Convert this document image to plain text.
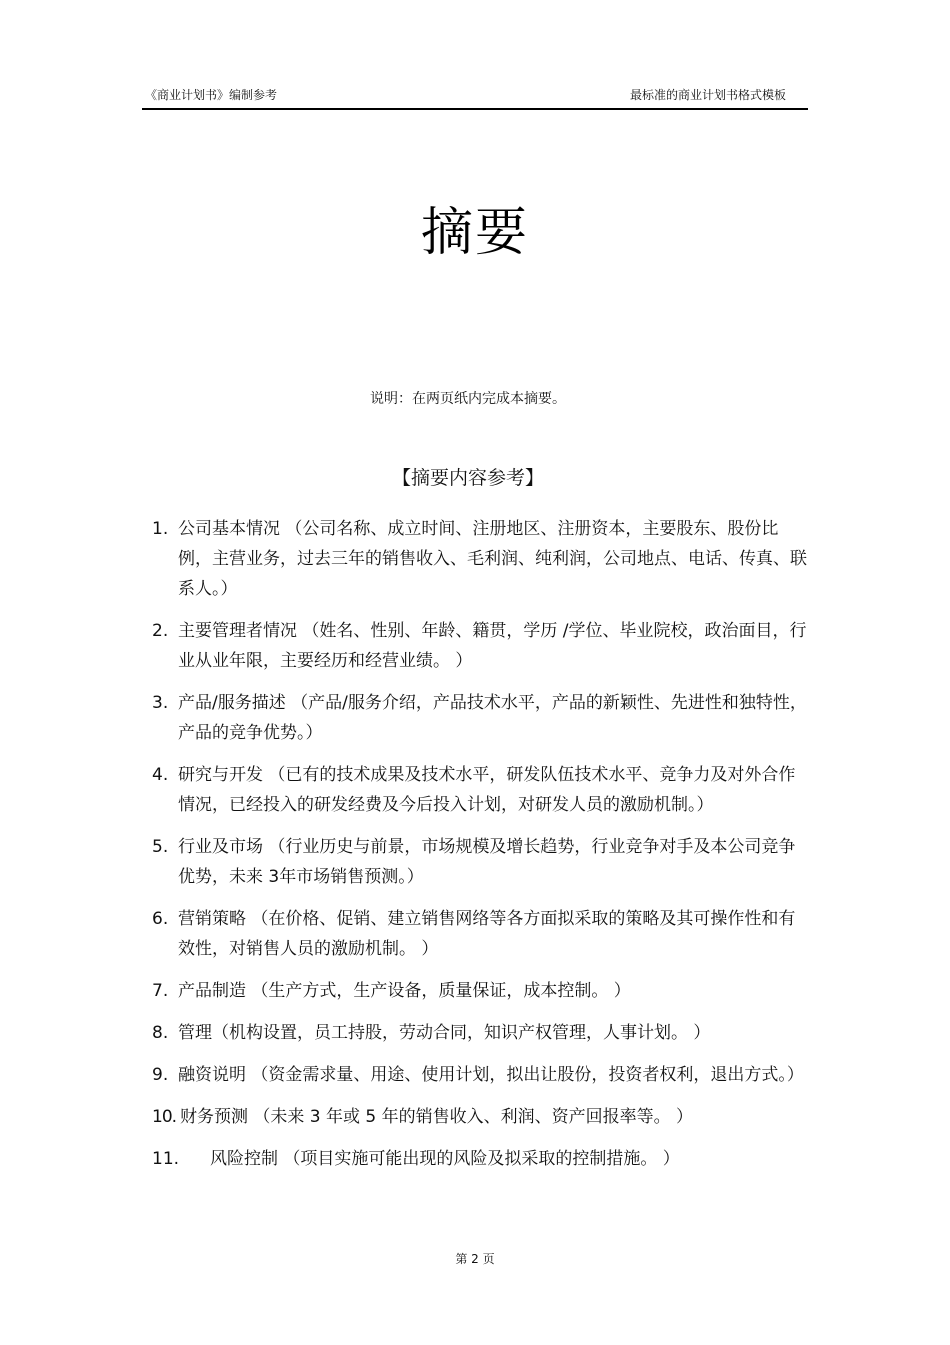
《商业计划书》编制参考	最标准的商业计划书格式模板
摘要
说明：在两页纸内完成本摘要。
【摘要内容参考】
1. 公司基本情况 （公司名称、成立时间、注册地区、注册资本，主要股东、股份比例，主营业务，过去三年的销售收入、毛利润、纯利润，公司地点、电话、传真、联系人。）
2. 主要管理者情况 （姓名、性别、年龄、籍贯，学历 /学位、毕业院校，政治面目，行业从业年限，主要经历和经营业绩。 ）
3. 产品/服务描述 （产品/服务介绍，产品技术水平，产品的新颖性、先进性和独特性，产品的竞争优势。）
4. 研究与开发 （已有的技术成果及技术水平，研发队伍技术水平、竞争力及对外合作情况，已经投入的研发经费及今后投入计划，对研发人员的激励机制。）
5. 行业及市场 （行业历史与前景，市场规模及增长趋势，行业竞争对手及本公司竞争优势，未来 3年市场销售预测。）
6. 营销策略 （在价格、促销、建立销售网络等各方面拟采取的策略及其可操作性和有效性，对销售人员的激励机制。 ）
7. 产品制造 （生产方式，生产设备，质量保证，成本控制。 ）
8. 管理（机构设置，员工持股，劳动合同，知识产权管理，人事计划。 ）
9. 融资说明 （资金需求量、用途、使用计划，拟出让股份，投资者权利，退出方式。）
10. 财务预测 （未来 3 年或 5 年的销售收入、利润、资产回报率等。 ）
11. 风险控制 （项目实施可能出现的风险及拟采取的控制措施。 ）
第 2 页
